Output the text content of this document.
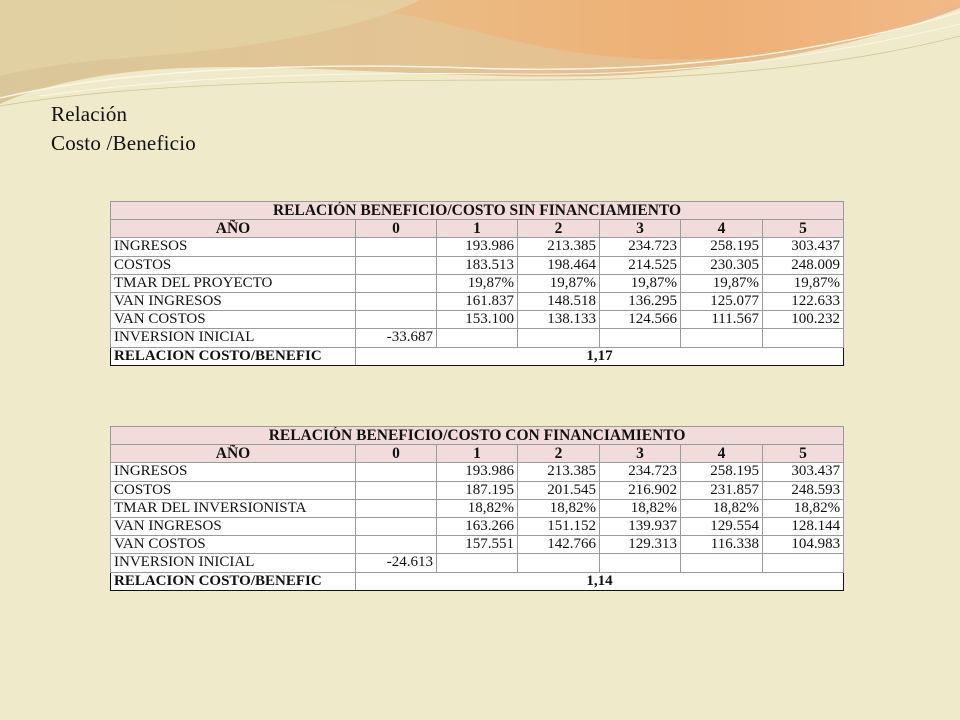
Relación
Costo /Beneficio
RELACIÓN BENEFICIO/COSTO SIN FINANCIAMIENTO						
AÑO	0	1	2	3	4	5
INGRESOS		193.986	213.385	234.723	258.195	303.437
COSTOS		183.513	198.464	214.525	230.305	248.009
TMAR DEL PROYECTO		19,87%	19,87%	19,87%	19,87%	19,87%
VAN INGRESOS		161.837	148.518	136.295	125.077	122.633
VAN COSTOS		153.100	138.133	124.566	111.567	100.232
INVERSION INICIAL	-33.687					
RELACION COSTO/BENEFIC	1,17					
RELACIÓN BENEFICIO/COSTO CON FINANCIAMIENTO						
AÑO	0	1	2	3	4	5
INGRESOS		193.986	213.385	234.723	258.195	303.437
COSTOS		187.195	201.545	216.902	231.857	248.593
TMAR DEL INVERSIONISTA		18,82%	18,82%	18,82%	18,82%	18,82%
VAN INGRESOS		163.266	151.152	139.937	129.554	128.144
VAN COSTOS		157.551	142.766	129.313	116.338	104.983
INVERSION INICIAL	-24.613					
RELACION COSTO/BENEFIC	1,14					
